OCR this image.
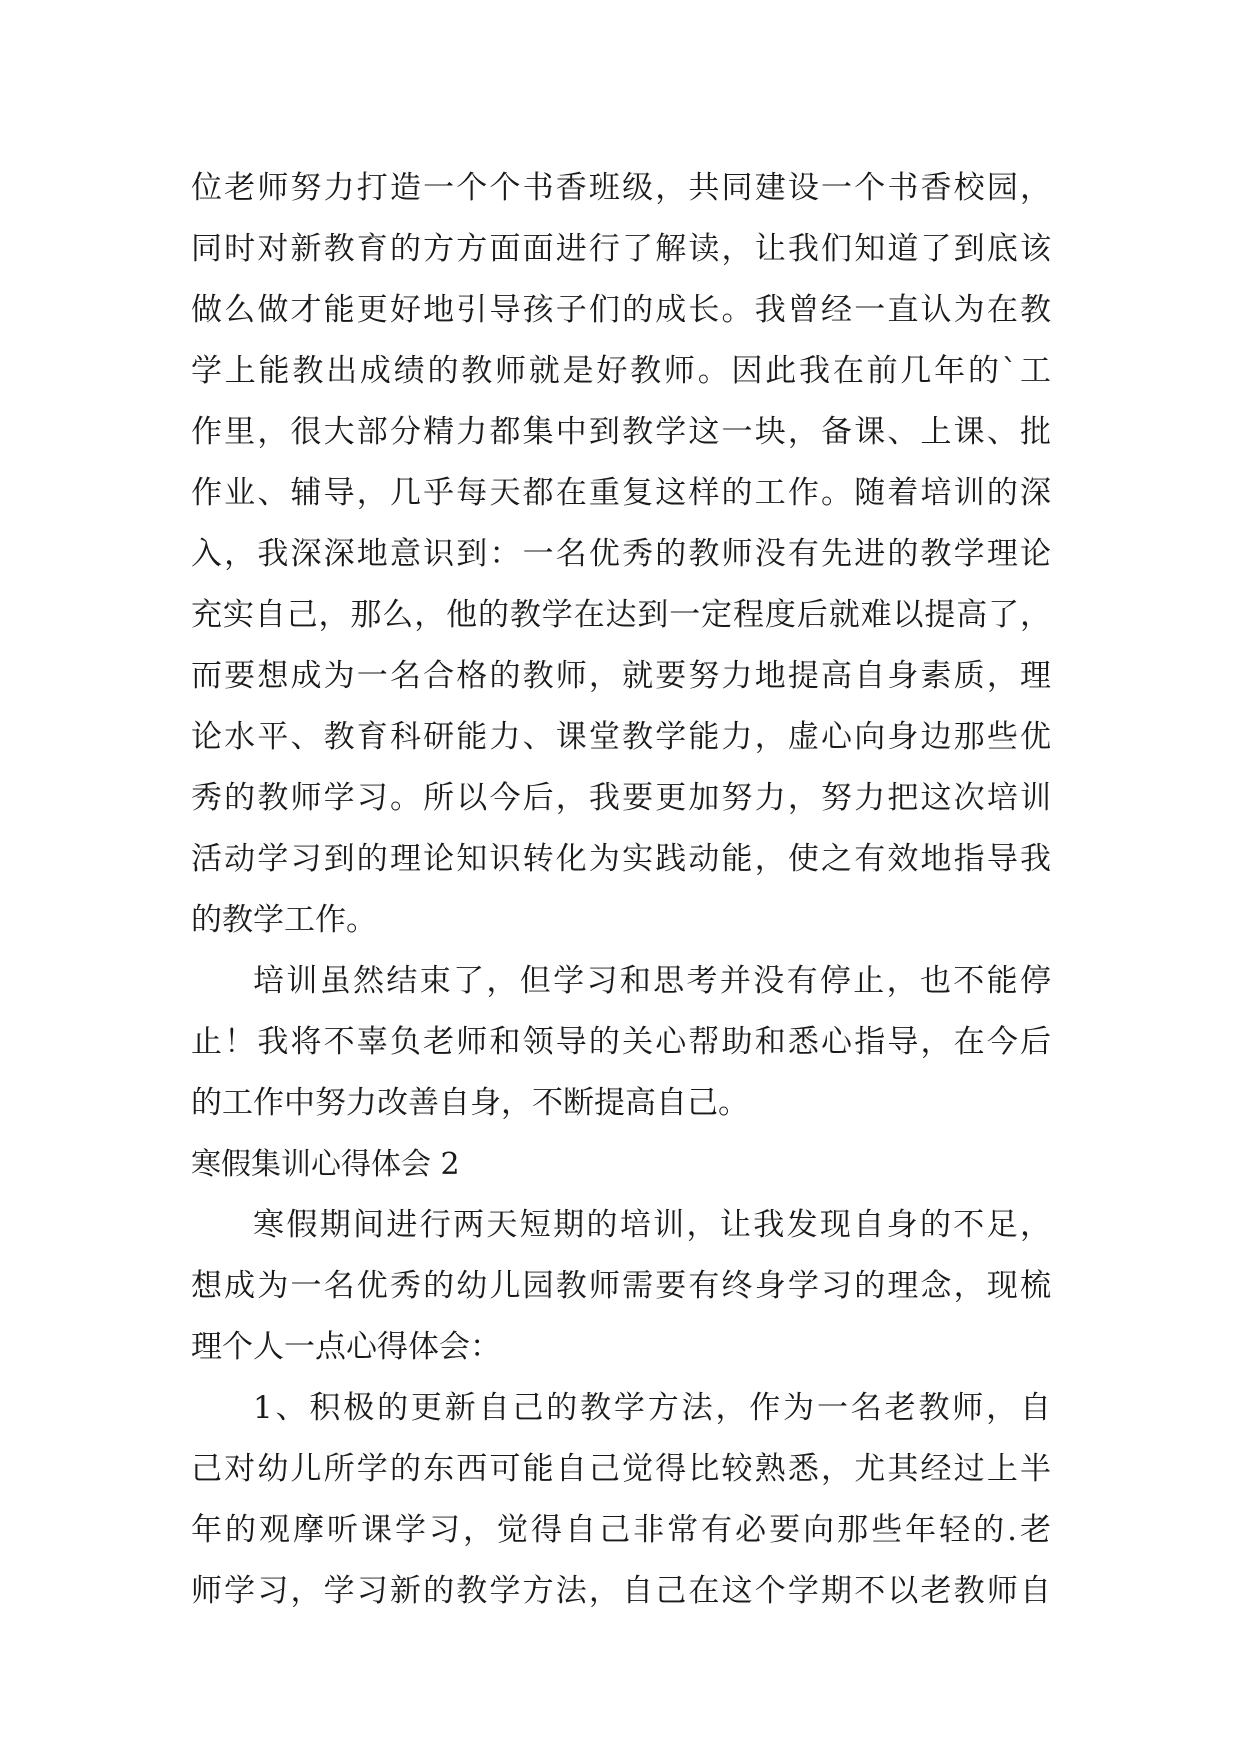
位老师努力打造一个个书香班级，共同建设一个书香校园，
同时对新教育的方方面面进行了解读，让我们知道了到底该
做么做才能更好地引导孩子们的成长。我曾经一直认为在教
学上能教出成绩的教师就是好教师。因此我在前几年的`工
作里，很大部分精力都集中到教学这一块，备课、上课、批
作业、辅导，几乎每天都在重复这样的工作。随着培训的深
入，我深深地意识到：一名优秀的教师没有先进的教学理论
充实自己，那么，他的教学在达到一定程度后就难以提高了，
而要想成为一名合格的教师，就要努力地提高自身素质，理
论水平、教育科研能力、课堂教学能力，虚心向身边那些优
秀的教师学习。所以今后，我要更加努力，努力把这次培训
活动学习到的理论知识转化为实践动能，使之有效地指导我
的教学工作。
培训虽然结束了，但学习和思考并没有停止，也不能停
止！我将不辜负老师和领导的关心帮助和悉心指导，在今后
的工作中努力改善自身，不断提高自己。
寒假集训心得体会 2
寒假期间进行两天短期的培训，让我发现自身的不足，
想成为一名优秀的幼儿园教师需要有终身学习的理念，现梳
理个人一点心得体会：
1、积极的更新自己的教学方法，作为一名老教师，自
己对幼儿所学的东西可能自己觉得比较熟悉，尤其经过上半
年的观摩听课学习，觉得自己非常有必要向那些年轻的.老
师学习，学习新的教学方法，自己在这个学期不以老教师自
